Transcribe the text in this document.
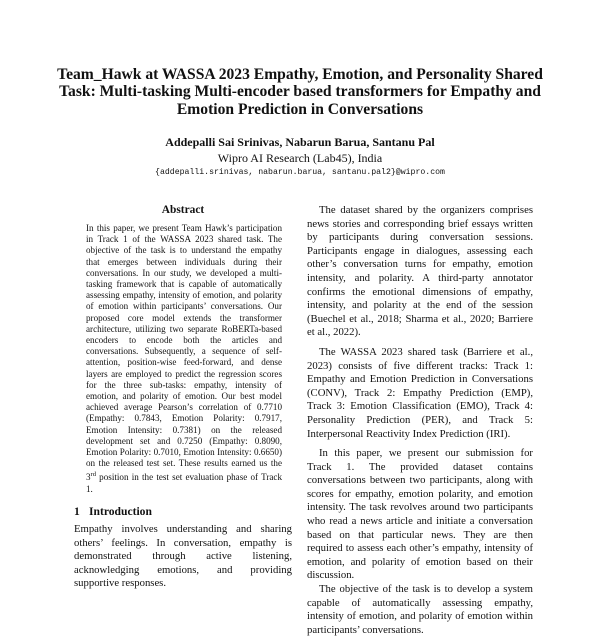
Team_Hawk at WASSA 2023 Empathy, Emotion, and Personality Shared Task: Multi-tasking Multi-encoder based transformers for Empathy and Emotion Prediction in Conversations
Addepalli Sai Srinivas, Nabarun Barua, Santanu Pal
Wipro AI Research (Lab45), India
{addepalli.srinivas, nabarun.barua, santanu.pal2}@wipro.com
Abstract

In this paper, we present Team Hawk’s participation in Track 1 of the WASSA 2023 shared task. The objective of the task is to understand the empathy that emerges between individuals during their conversations. In our study, we developed a multi-tasking framework that is capable of automatically assessing empathy, intensity of emotion, and polarity of emotion within participants’ conversations. Our proposed core model extends the transformer architecture, utilizing two separate RoBERTa-based encoders to encode both the articles and conversations. Subsequently, a sequence of self-attention, position-wise feed-forward, and dense layers are employed to predict the regression scores for the three sub-tasks: empathy, intensity of emotion, and polarity of emotion. Our best model achieved average Pearson’s correlation of 0.7710 (Empathy: 0.7843, Emotion Polarity: 0.7917, Emotion Intensity: 0.7381) on the released development set and 0.7250 (Empathy: 0.8090, Emotion Polarity: 0.7010, Emotion Intensity: 0.6650) on the released test set. These results earned us the 3rd position in the test set evaluation phase of Track 1.

1 Introduction

Empathy involves understanding and sharing others’ feelings. In conversation, empathy is demonstrated through active listening, acknowledging emotions, and providing supportive responses.

The dataset shared by the organizers comprises news stories and corresponding brief essays written by participants during conversation sessions. Participants engage in dialogues, assessing each other’s conversation turns for empathy, emotion intensity, and polarity. A third-party annotator confirms the emotional dimensions of empathy, intensity, and polarity at the end of the session (Buechel et al., 2018; Sharma et al., 2020; Barriere et al., 2022).

The WASSA 2023 shared task (Barriere et al., 2023) consists of five different tracks: Track 1: Empathy and Emotion Prediction in Conversations (CONV), Track 2: Empathy Prediction (EMP), Track 3: Emotion Classification (EMO), Track 4: Personality Prediction (PER), and Track 5: Interpersonal Reactivity Index Prediction (IRI).

In this paper, we present our submission for Track 1. The provided dataset contains conversations between two participants, along with scores for empathy, emotion polarity, and emotion intensity. The task revolves around two participants who read a news article and initiate a conversation based on that particular news. They are then required to assess each other’s empathy, intensity of emotion, and polarity of emotion based on their discussion.

The objective of the task is to develop a system capable of automatically assessing empathy, intensity of emotion, and polarity of emotion within participants’ conversations.
